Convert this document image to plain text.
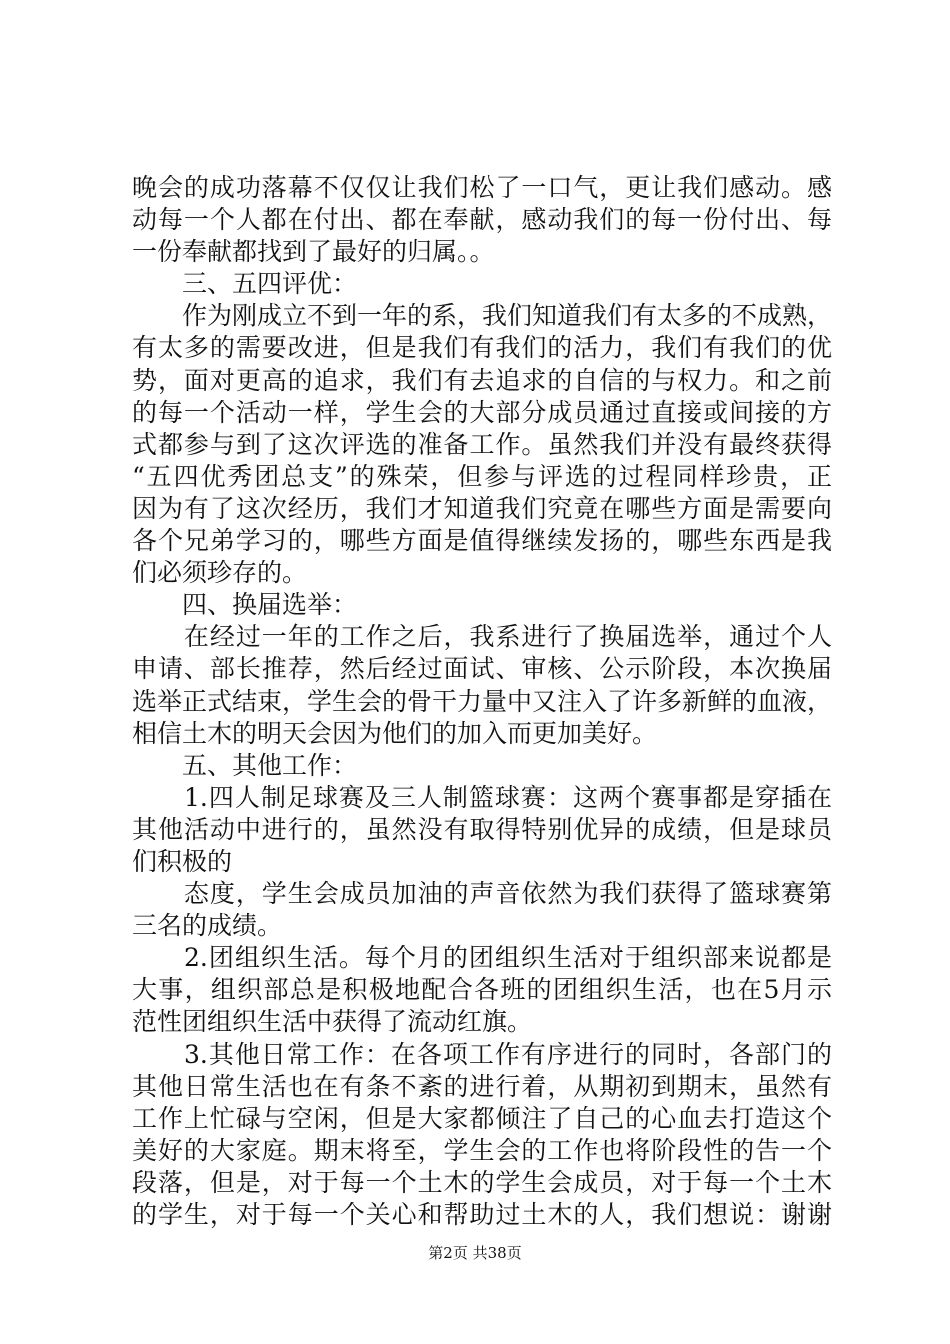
晚会的成功落幕不仅仅让我们松了一口气，更让我们感动。感
动每一个人都在付出、都在奉献，感动我们的每一份付出、每
一份奉献都找到了最好的归属。。
　　三、五四评优：
　　作为刚成立不到一年的系，我们知道我们有太多的不成熟，
有太多的需要改进，但是我们有我们的活力，我们有我们的优
势，面对更高的追求，我们有去追求的自信的与权力。和之前
的每一个活动一样，学生会的大部分成员通过直接或间接的方
式都参与到了这次评选的准备工作。虽然我们并没有最终获得
“五四优秀团总支”的殊荣，但参与评选的过程同样珍贵，正
因为有了这次经历，我们才知道我们究竟在哪些方面是需要向
各个兄弟学习的，哪些方面是值得继续发扬的，哪些东西是我
们必须珍存的。
　　四、换届选举：
　　在经过一年的工作之后，我系进行了换届选举，通过个人
申请、部长推荐，然后经过面试、审核、公示阶段，本次换届
选举正式结束，学生会的骨干力量中又注入了许多新鲜的血液，
相信土木的明天会因为他们的加入而更加美好。
　　五、其他工作：
　　1.四人制足球赛及三人制篮球赛：这两个赛事都是穿插在
其他活动中进行的，虽然没有取得特别优异的成绩，但是球员
们积极的
　　态度，学生会成员加油的声音依然为我们获得了篮球赛第
三名的成绩。
　　2.团组织生活。每个月的团组织生活对于组织部来说都是
大事，组织部总是积极地配合各班的团组织生活，也在5月示
范性团组织生活中获得了流动红旗。
　　3.其他日常工作：在各项工作有序进行的同时，各部门的
其他日常生活也在有条不紊的进行着，从期初到期末，虽然有
工作上忙碌与空闲，但是大家都倾注了自己的心血去打造这个
美好的大家庭。期末将至，学生会的工作也将阶段性的告一个
段落，但是，对于每一个土木的学生会成员，对于每一个土木
的学生，对于每一个关心和帮助过土木的人，我们想说：谢谢
第2页 共38页
